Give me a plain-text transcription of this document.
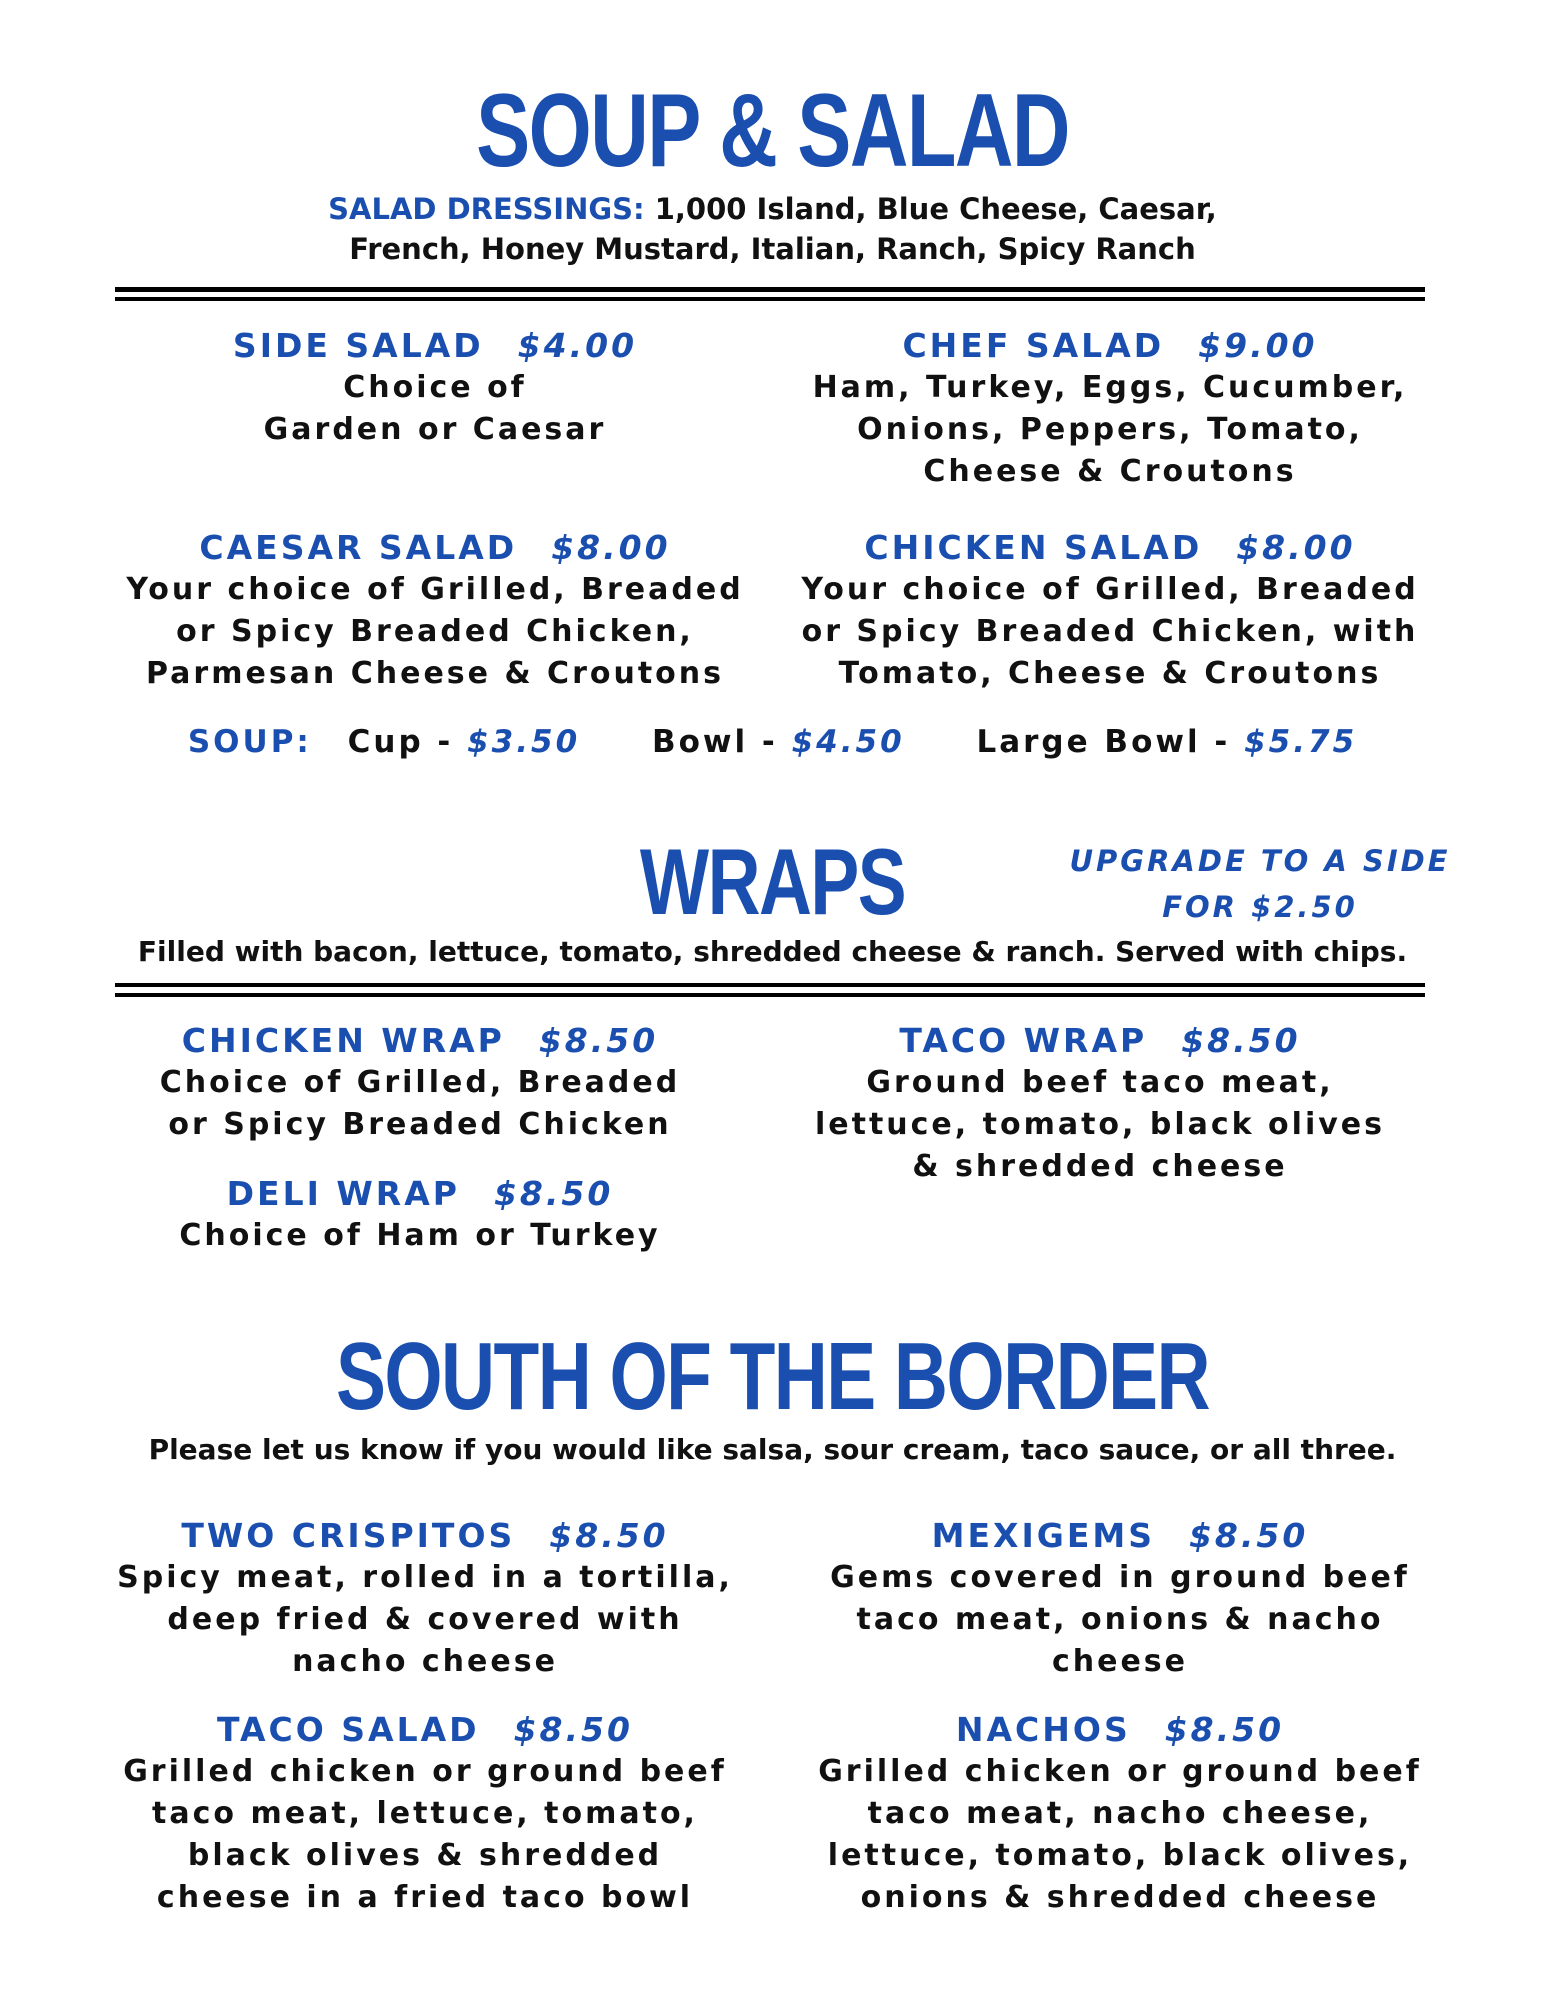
SOUP & SALAD
SALAD DRESSINGS: 1,000 Island, Blue Cheese, Caesar,
French, Honey Mustard, Italian, Ranch, Spicy Ranch
SIDE SALAD $4.00
Choice of
Garden or Caesar
CHEF SALAD $9.00
Ham, Turkey, Eggs, Cucumber,
Onions, Peppers, Tomato,
Cheese & Croutons
CAESAR SALAD $8.00
Your choice of Grilled, Breaded
or Spicy Breaded Chicken,
Parmesan Cheese & Croutons
CHICKEN SALAD $8.00
Your choice of Grilled, Breaded
or Spicy Breaded Chicken, with
Tomato, Cheese & Croutons
SOUP: Cup - $3.50 Bowl - $4.50 Large Bowl - $5.75
WRAPS	UPGRADE TO A SIDE
FOR $2.50
Filled with bacon, lettuce, tomato, shredded cheese & ranch. Served with chips.
CHICKEN WRAP $8.50
Choice of Grilled, Breaded
or Spicy Breaded Chicken
TACO WRAP $8.50
Ground beef taco meat,
lettuce, tomato, black olives
& shredded cheese
DELI WRAP $8.50
Choice of Ham or Turkey
SOUTH OF THE BORDER
Please let us know if you would like salsa, sour cream, taco sauce, or all three.
TWO CRISPITOS $8.50
Spicy meat, rolled in a tortilla,
deep fried & covered with
nacho cheese
MEXIGEMS $8.50
Gems covered in ground beef
taco meat, onions & nacho
cheese
TACO SALAD $8.50
Grilled chicken or ground beef
taco meat, lettuce, tomato,
black olives & shredded
cheese in a fried taco bowl
NACHOS $8.50
Grilled chicken or ground beef
taco meat, nacho cheese,
lettuce, tomato, black olives,
onions & shredded cheese
